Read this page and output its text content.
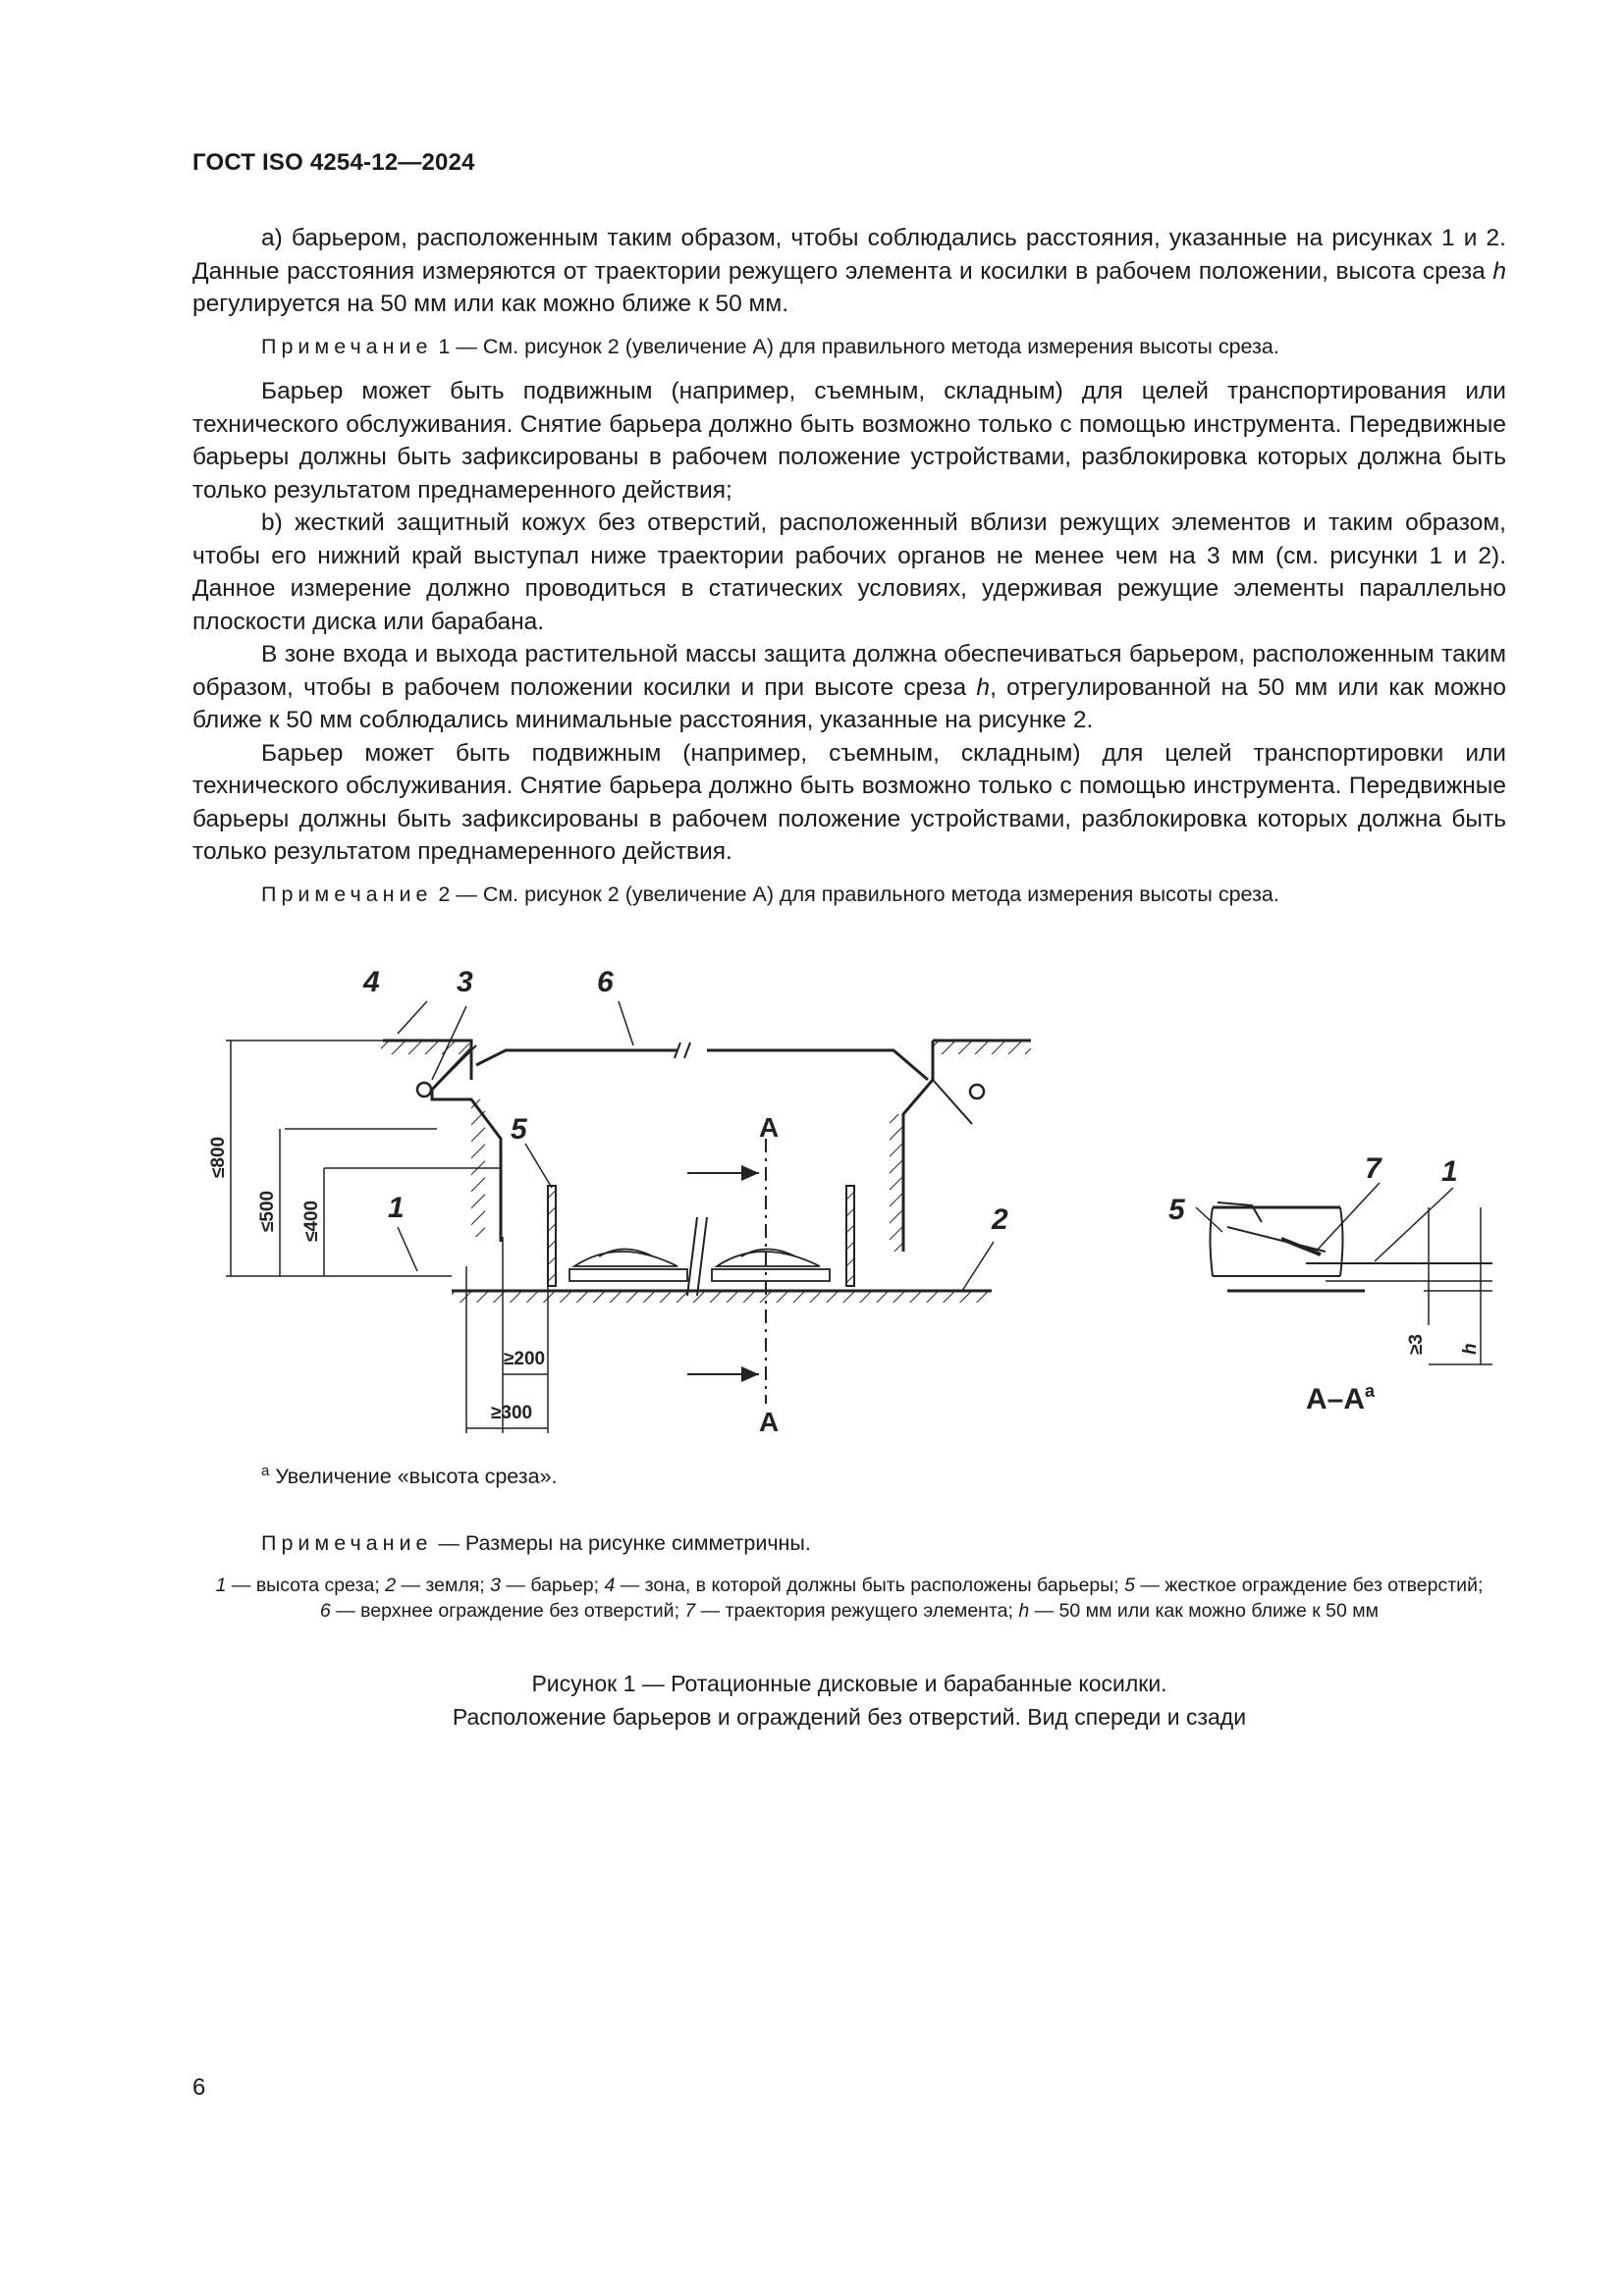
ГОСТ ISO 4254-12—2024

a) барьером, расположенным таким образом, чтобы соблюдались расстояния, указанные на рисунках 1 и 2. Данные расстояния измеряются от траектории режущего элемента и косилки в рабочем положении, высота среза h регулируется на 50 мм или как можно ближе к 50 мм.

Примечание 1 — См. рисунок 2 (увеличение А) для правильного метода измерения высоты среза.

Барьер может быть подвижным (например, съемным, складным) для целей транспортирования или технического обслуживания. Снятие барьера должно быть возможно только с помощью инструмента. Передвижные барьеры должны быть зафиксированы в рабочем положение устройствами, разблокировка которых должна быть только результатом преднамеренного действия;

b) жесткий защитный кожух без отверстий, расположенный вблизи режущих элементов и таким образом, чтобы его нижний край выступал ниже траектории рабочих органов не менее чем на 3 мм (см. рисунки 1 и 2). Данное измерение должно проводиться в статических условиях, удерживая режущие элементы параллельно плоскости диска или барабана.

В зоне входа и выхода растительной массы защита должна обеспечиваться барьером, расположенным таким образом, чтобы в рабочем положении косилки и при высоте среза h, отрегулированной на 50 мм или как можно ближе к 50 мм соблюдались минимальные расстояния, указанные на рисунке 2.

Барьер может быть подвижным (например, съемным, складным) для целей транспортировки или технического обслуживания. Снятие барьера должно быть возможно только с помощью инструмента. Передвижные барьеры должны быть зафиксированы в рабочем положение устройствами, разблокировка которых должна быть только результатом преднамеренного действия.

Примечание 2 — См. рисунок 2 (увеличение А) для правильного метода измерения высоты среза.

4	3	6
5
1	2
A
A
≤800
≤500 ≤400
≥200
≥300
5
7 1
≥3 h
$A-A^a$
$^a$ Увеличение «высота среза».
Примечание — Размеры на рисунке симметричны.
1 — высота среза; 2 — земля; 3 — барьер; 4 — зона, в которой должны быть расположены барьеры; 5 — жесткое ограждение без отверстий;
6 — верхнее ограждение без отверстий; 7 — траектория режущего элемента; h — 50 мм или как можно ближе к 50 мм
Рисунок 1 — Ротационные дисковые и барабанные косилки.
Расположение барьеров и ограждений без отверстий. Вид спереди и сзади
6
